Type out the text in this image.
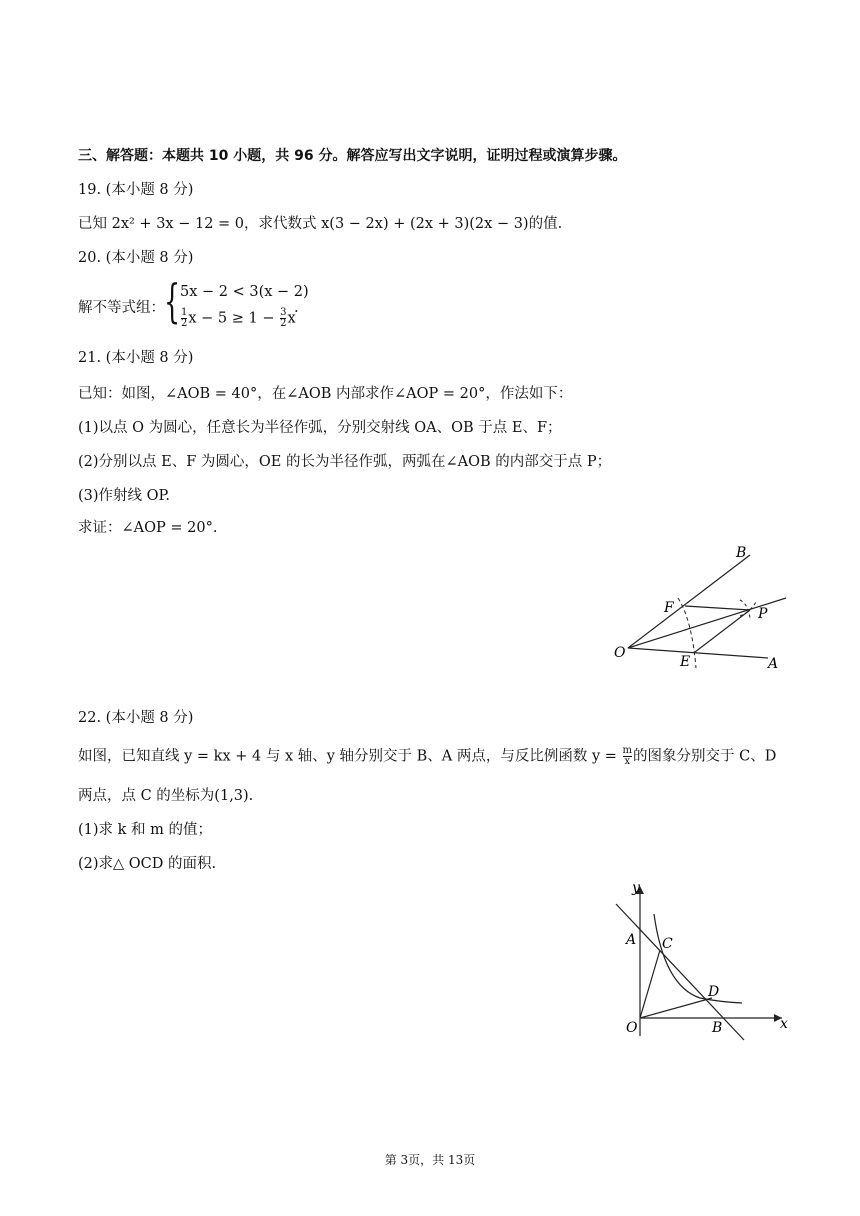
三、解答题：本题共 10 小题，共 96 分。解答应写出文字说明，证明过程或演算步骤。
19. (本小题 8 分)
已知 2x² + 3x − 12 = 0，求代数式 x(3 − 2x) + (2x + 3)(2x − 3)的值.
20. (本小题 8 分)
解不等式组： { 5x − 2 < 3(x − 2)
$\frac{1}{2}$ $x - 5 \ge 1 - \frac{3}{2}$ x
.
21. (本小题 8 分)
已知：如图，∠AOB = 40°，在∠AOB 内部求作∠AOP = 20°，作法如下：
(1)以点 O 为圆心，任意长为半径作弧，分别交射线 OA、OB 于点 E、F；
(2)分别以点 E、F 为圆心，OE 的长为半径作弧，两弧在∠AOB 的内部交于点 P；
(3)作射线 OP.
求证：∠AOP = 20°.
B
F	P
O
E	A
22. (本小题 8 分)
如图，已知直线 y = kx + 4 与 x 轴、y 轴分别交于 B、A 两点，与反比例函数 $y = \frac{m}{x}$ 的图象分别交于 C、D
两点，点 C 的坐标为(1,3).
(1)求 k 和 m 的值；
(2)求△ OCD 的面积.
y
x
A C
D
O	B
第 3页，共 13页
